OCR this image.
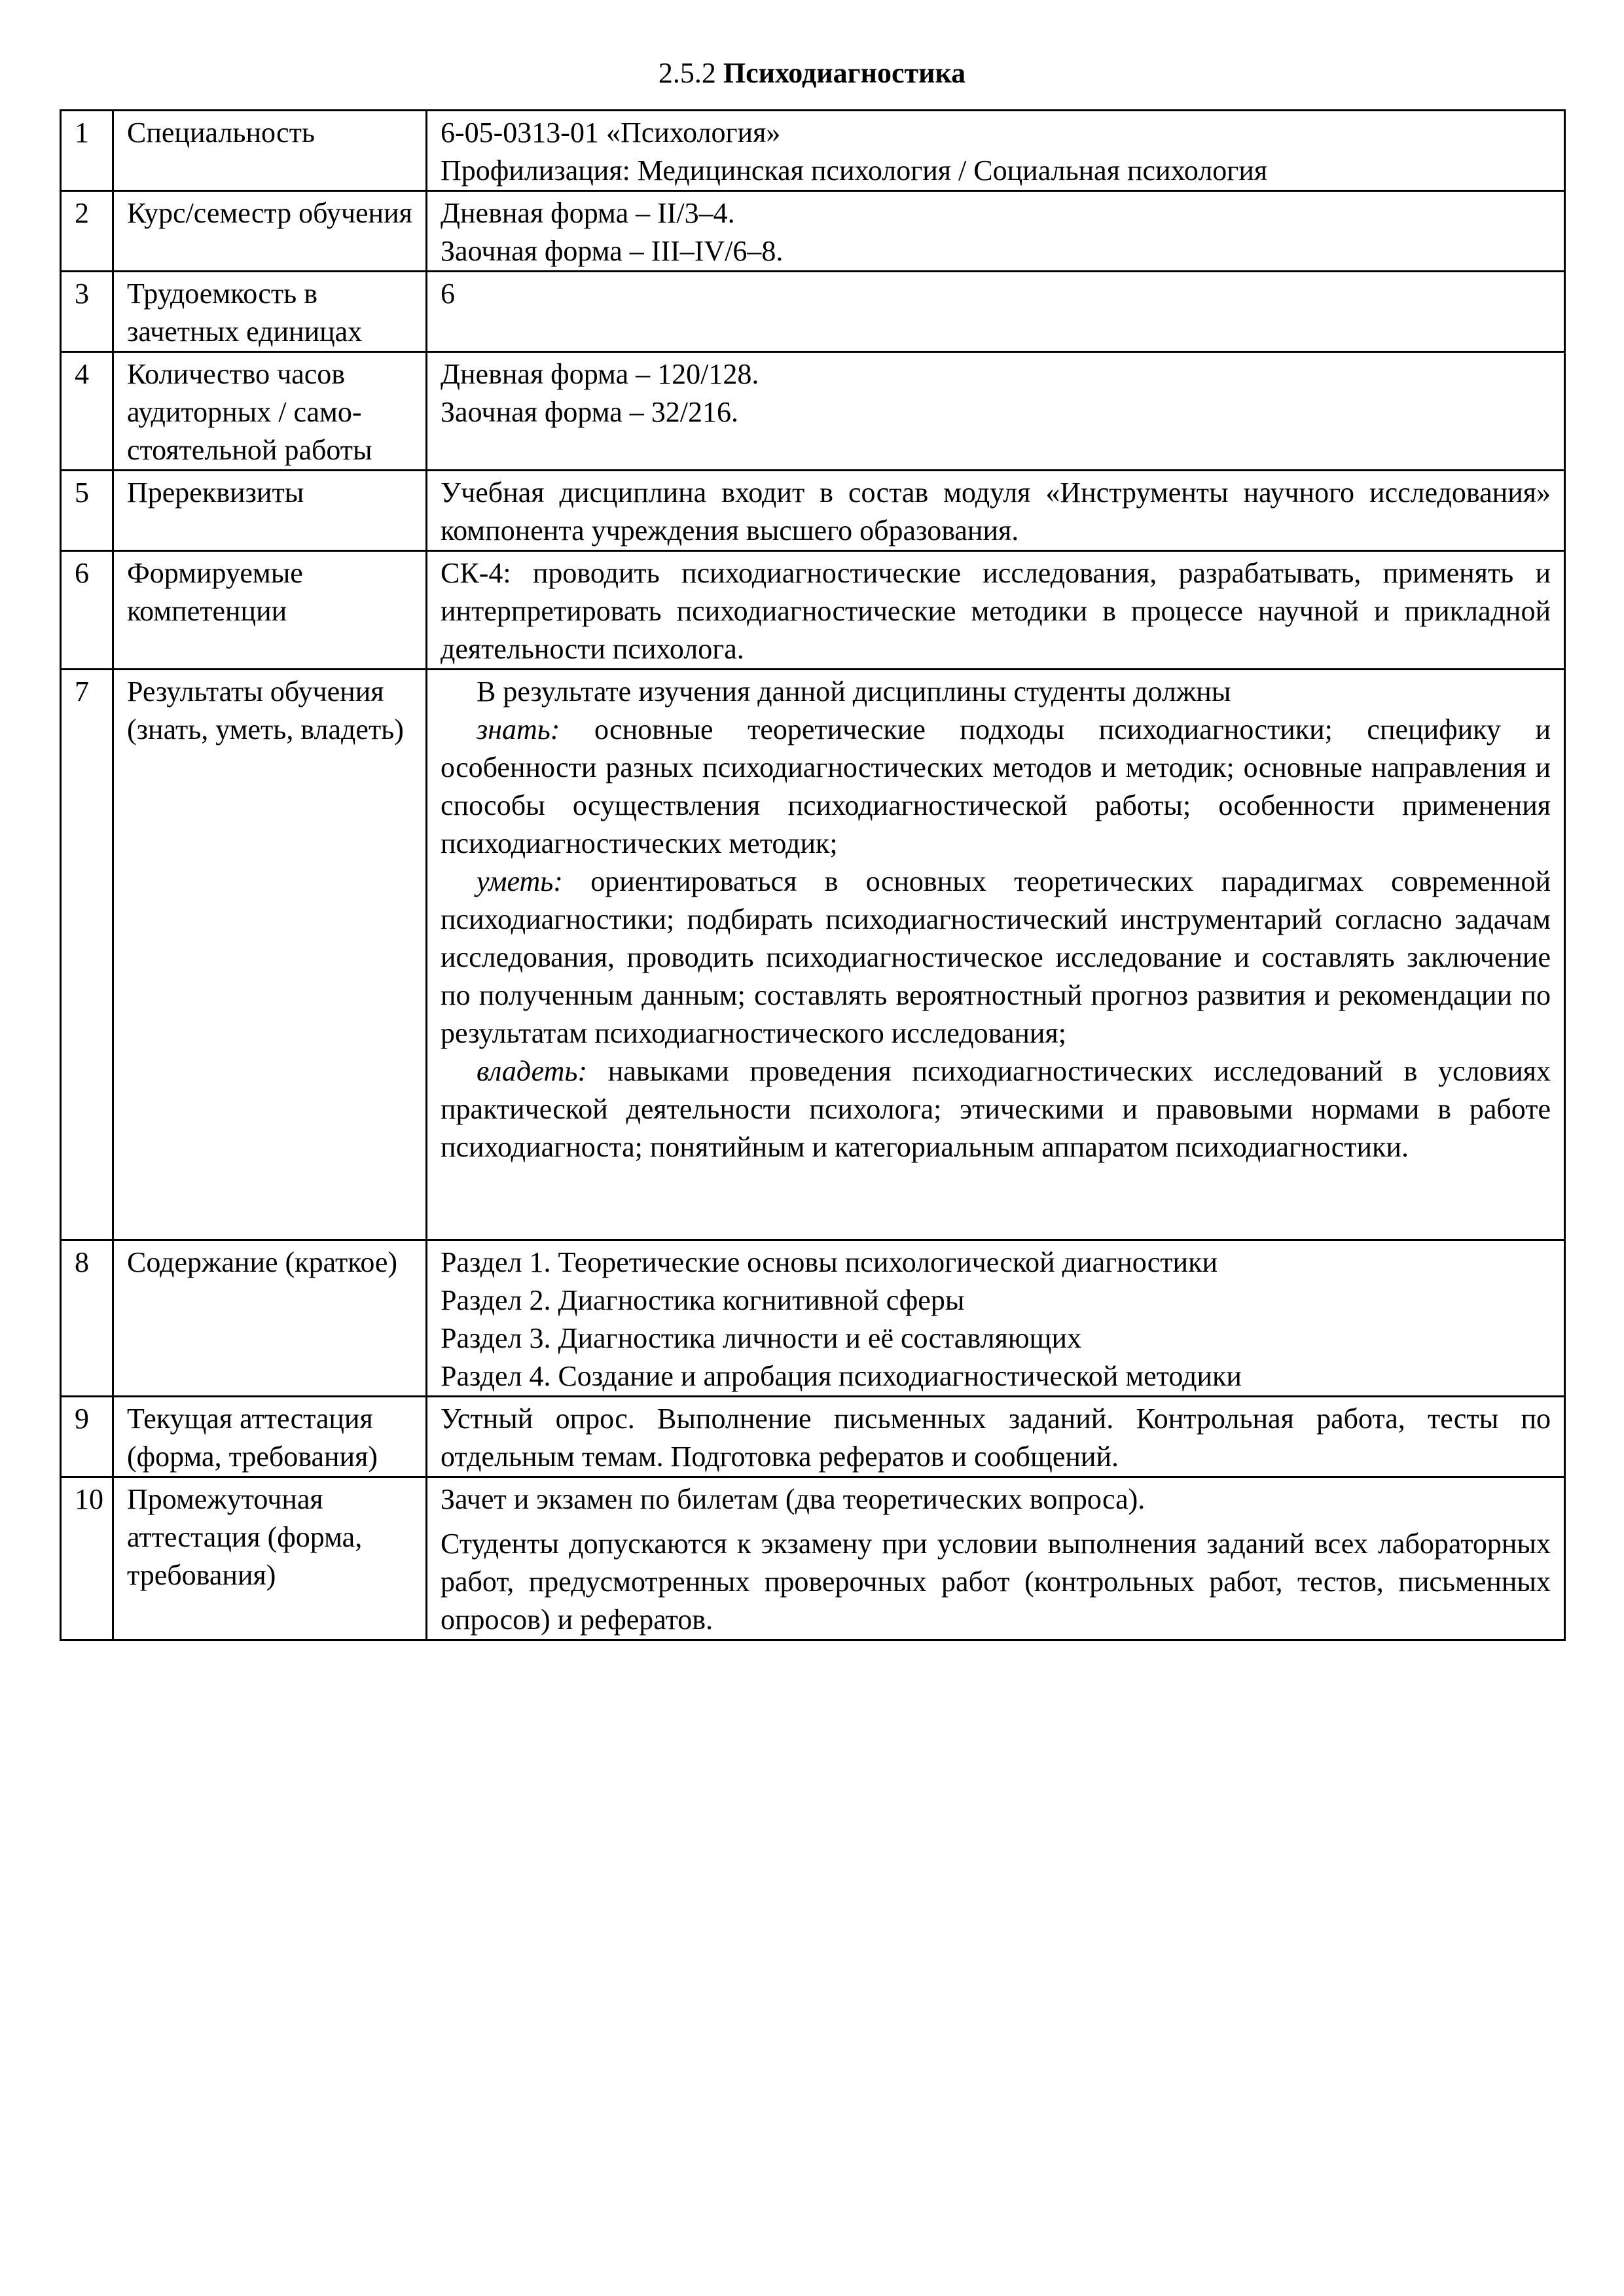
2.5.2 Психодиагностика
1	Специальность	6-05-0313-01 «Психология»
Профилизация: Медицинская психология / Социальная психология

2	Курс/семестр обучения	Дневная форма – II/3–4.
Заочная форма – III–IV/6–8.

3	Трудоемкость в зачетных единицах	6

4	Количество часов аудиторных / само-стоятельной работы	Дневная форма – 120/128.
Заочная форма – 32/216.

5	Пререквизиты	Учебная дисциплина входит в состав модуля «Инструменты научного исследования» компонента учреждения высшего образования.
6	Формируемые компетенции	СК-4: проводить психодиагностические исследования, разрабатывать, применять и интерпретировать психодиагностические методики в процессе научной и прикладной деятельности психолога.
7	Результаты обучения (знать, уметь, владеть)	В результате изучения данной дисциплины студенты должны
знать: основные теоретические подходы психодиагностики; специфику и особенности разных психодиагностических методов и методик; основные направления и способы осуществления психодиагностической работы; особенности применения психодиагностических методик;
уметь: ориентироваться в основных теоретических парадигмах современной психодиагностики; подбирать психодиагностический инструментарий согласно задачам исследования, проводить психодиагностическое исследование и составлять заключение по полученным данным; составлять вероятностный прогноз развития и рекомендации по результатам психодиагностического исследования;
владеть: навыками проведения психодиагностических исследований в условиях практической деятельности психолога; этическими и правовыми нормами в работе психодиагноста; понятийным и категориальным аппаратом психодиагностики.

8	Содержание (краткое)	Раздел 1. Теоретические основы психологической диагностики
Раздел 2. Диагностика когнитивной сферы
Раздел 3. Диагностика личности и её составляющих
Раздел 4. Создание и апробация психодиагностической методики

9	Текущая аттестация (форма, требования)	Устный опрос. Выполнение письменных заданий. Контрольная работа, тесты по отдельным темам. Подготовка рефератов и сообщений.
10	Промежуточная аттестация (форма, требования)	Зачет и экзамен по билетам (два теоретических вопроса).
Студенты допускаются к экзамену при условии выполнения заданий всех лабораторных работ, предусмотренных проверочных работ (контрольных работ, тестов, письменных опросов) и рефератов.
